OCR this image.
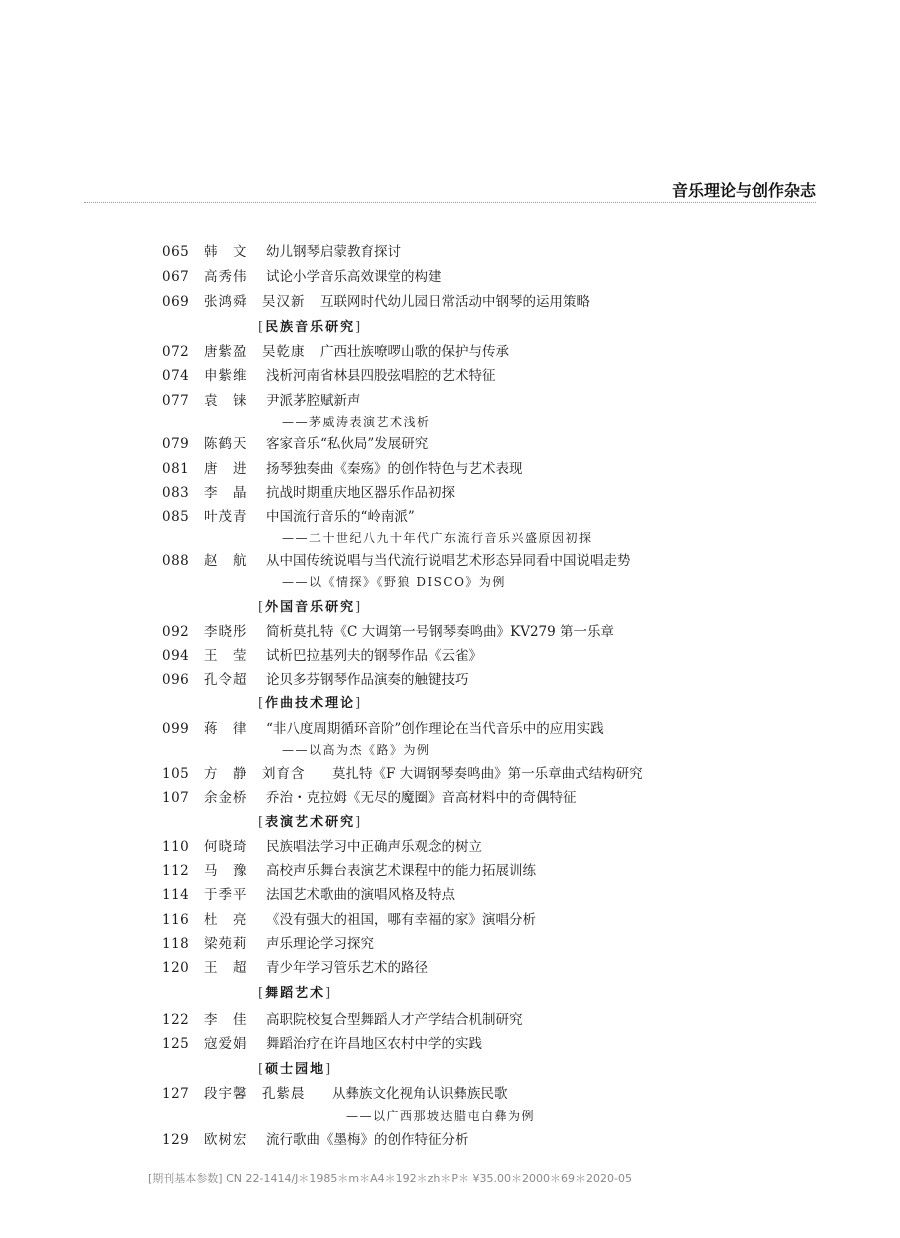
音乐理论与创作杂志
065 韩　文 幼儿钢琴启蒙教育探讨
067 高秀伟 试论小学音乐高效课堂的构建
069 张鸿舜　吴汉新 互联网时代幼儿园日常活动中钢琴的运用策略
[民族音乐研究]
072 唐紫盈　吴乾康 广西壮族嘹啰山歌的保护与传承
074 申紫维 浅析河南省林县四股弦唱腔的艺术特征
077 袁　铼 尹派茅腔赋新声
——茅威涛表演艺术浅析
079 陈鹤天 客家音乐“私伙局”发展研究
081 唐　进 扬琴独奏曲《秦殇》的创作特色与艺术表现
083 李　晶 抗战时期重庆地区器乐作品初探
085 叶茂青 中国流行音乐的“岭南派”
——二十世纪八九十年代广东流行音乐兴盛原因初探
088 赵　航 从中国传统说唱与当代流行说唱艺术形态异同看中国说唱走势
——以《情探》《野狼 DISCO》为例
[外国音乐研究]
092 李晓彤 简析莫扎特《C 大调第一号钢琴奏鸣曲》KV279 第一乐章
094 王　莹 试析巴拉基列夫的钢琴作品《云雀》
096 孔令超 论贝多芬钢琴作品演奏的触键技巧
[作曲技术理论]
099 蒋　律 “非八度周期循环音阶”创作理论在当代音乐中的应用实践
——以高为杰《路》为例
105 方　静　刘育含 莫扎特《F 大调钢琴奏鸣曲》第一乐章曲式结构研究
107 余金桥 乔治・克拉姆《无尽的魔圈》音高材料中的奇偶特征
[表演艺术研究]
110 何晓琦 民族唱法学习中正确声乐观念的树立
112 马　豫 高校声乐舞台表演艺术课程中的能力拓展训练
114 于季平 法国艺术歌曲的演唱风格及特点
116 杜　亮 《没有强大的祖国，哪有幸福的家》演唱分析
118 梁苑莉 声乐理论学习探究
120 王　超 青少年学习管乐艺术的路径
[舞蹈艺术]
122 李　佳 高职院校复合型舞蹈人才产学结合机制研究
125 寇爱娟 舞蹈治疗在许昌地区农村中学的实践
[硕士园地]
127 段宇馨　孔紫晨 从彝族文化视角认识彝族民歌
——以广西那坡达腊屯白彝为例
129 欧树宏 流行歌曲《墨梅》的创作特征分析
[期刊基本参数] CN 22-1414/J＊1985＊m＊A4＊192＊zh＊P＊ ¥35.00＊2000＊69＊2020-05
